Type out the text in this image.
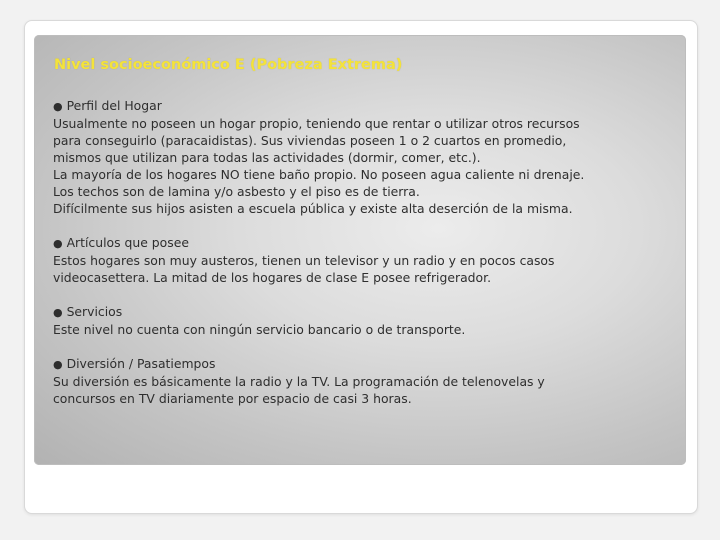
Nivel socioeconómico E (Pobreza Extrema)
● Perfil del Hogar
Usualmente no poseen un hogar propio, teniendo que rentar o utilizar otros recursos
para conseguirlo (paracaidistas). Sus viviendas poseen 1 o 2 cuartos en promedio,
mismos que utilizan para todas las actividades (dormir, comer, etc.).
La mayoría de los hogares NO tiene baño propio. No poseen agua caliente ni drenaje.
Los techos son de lamina y/o asbesto y el piso es de tierra.
Difícilmente sus hijos asisten a escuela pública y existe alta deserción de la misma.
● Artículos que posee
Estos hogares son muy austeros, tienen un televisor y un radio y en pocos casos
videocasettera. La mitad de los hogares de clase E posee refrigerador.
● Servicios
Este nivel no cuenta con ningún servicio bancario o de transporte.
● Diversión / Pasatiempos
Su diversión es básicamente la radio y la TV. La programación de telenovelas y
concursos en TV diariamente por espacio de casi 3 horas.
